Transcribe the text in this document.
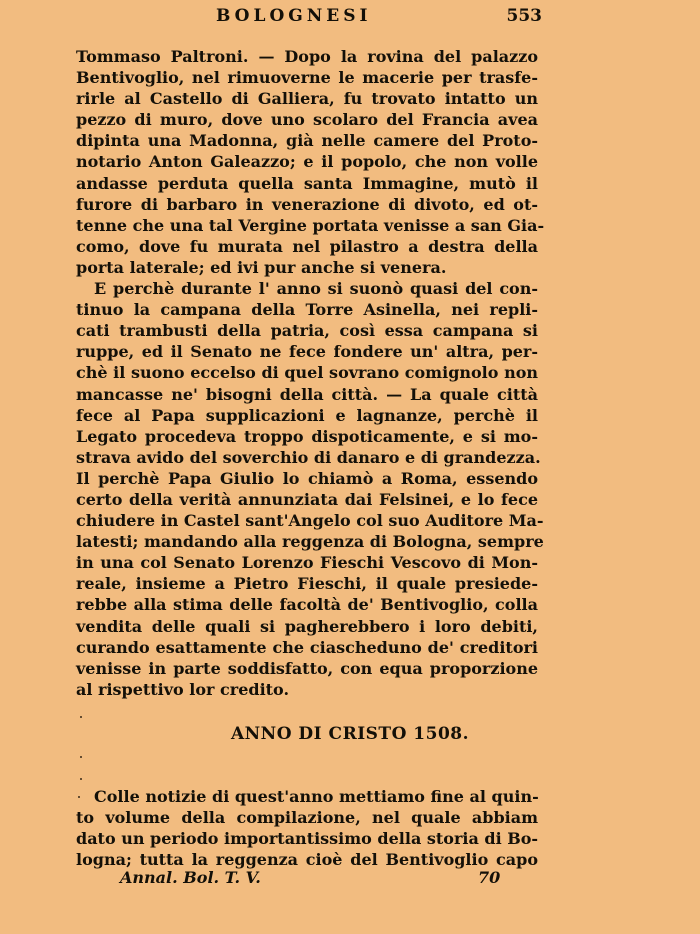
BOLOGNESI	553
Tommaso Paltroni. — Dopo la rovina del palazzo
Bentivoglio, nel rimuoverne le macerie per trasfe-
rirle al Castello di Galliera, fu trovato intatto un
pezzo di muro, dove uno scolaro del Francia avea
dipinta una Madonna, già nelle camere del Proto-
notario Anton Galeazzo; e il popolo, che non volle
andasse perduta quella santa Immagine, mutò il
furore di barbaro in venerazione di divoto, ed ot-
tenne che una tal Vergine portata venisse a san Gia-
como, dove fu murata nel pilastro a destra della
porta laterale; ed ivi pur anche si venera.
E perchè durante l' anno si suonò quasi del con-
tinuo la campana della Torre Asinella, nei repli-
cati trambusti della patria, così essa campana si
ruppe, ed il Senato ne fece fondere un' altra, per-
chè il suono eccelso di quel sovrano comignolo non
mancasse ne' bisogni della città. — La quale città
fece al Papa supplicazioni e lagnanze, perchè il
Legato procedeva troppo dispoticamente, e si mo-
strava avido del soverchio di danaro e di grandezza.
Il perchè Papa Giulio lo chiamò a Roma, essendo
certo della verità annunziata dai Felsinei, e lo fece
chiudere in Castel sant'Angelo col suo Auditore Ma-
latesti; mandando alla reggenza di Bologna, sempre
in una col Senato Lorenzo Fieschi Vescovo di Mon-
reale, insieme a Pietro Fieschi, il quale presiede-
rebbe alla stima delle facoltà de' Bentivoglio, colla
vendita delle quali si pagherebbero i loro debiti,
curando esattamente che ciascheduno de' creditori
venisse in parte soddisfatto, con equa proporzione
al rispettivo lor credito.
ANNO DI CRISTO 1508.
Colle notizie di quest'anno mettiamo fine al quin-
to volume della compilazione, nel quale abbiam
dato un periodo importantissimo della storia di Bo-
logna; tutta la reggenza cioè del Bentivoglio capo
Annal. Bol. T. V.	70
